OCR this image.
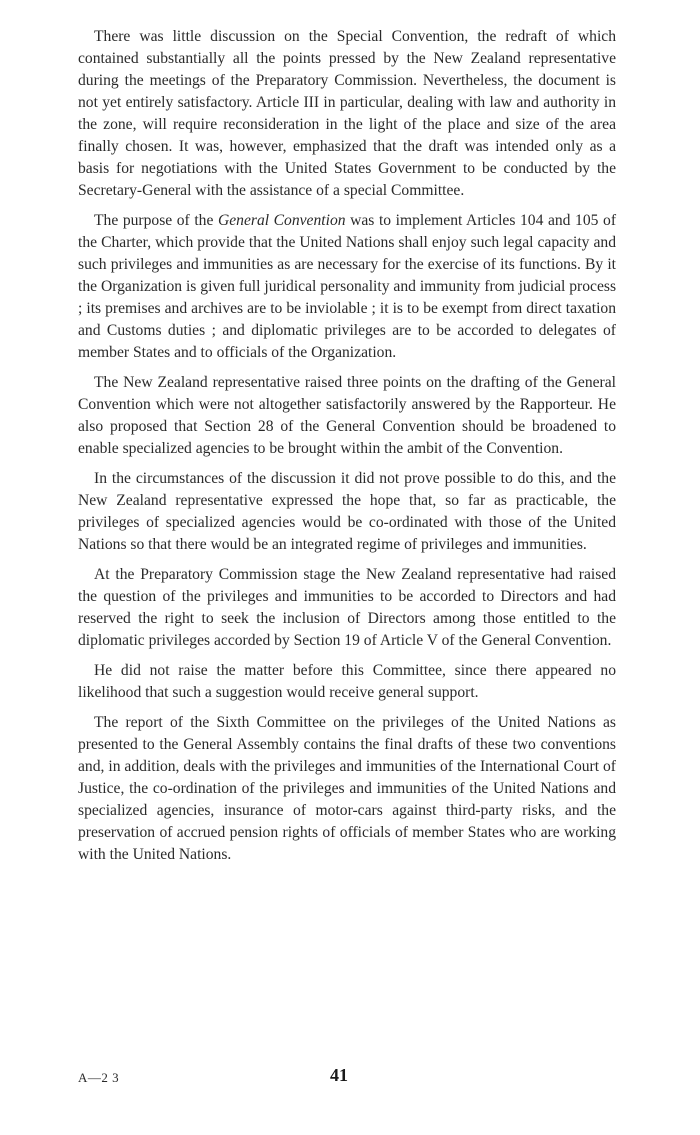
There was little discussion on the Special Convention, the redraft of which contained substantially all the points pressed by the New Zealand representative during the meetings of the Preparatory Commission. Nevertheless, the document is not yet entirely satisfactory. Article III in particular, dealing with law and authority in the zone, will require reconsideration in the light of the place and size of the area finally chosen. It was, however, emphasized that the draft was intended only as a basis for negotiations with the United States Government to be conducted by the Secretary-General with the assistance of a special Committee.

The purpose of the General Convention was to implement Articles 104 and 105 of the Charter, which provide that the United Nations shall enjoy such legal capacity and such privileges and immunities as are necessary for the exercise of its functions. By it the Organization is given full juridical personality and immunity from judicial process ; its premises and archives are to be inviolable ; it is to be exempt from direct taxation and Customs duties ; and diplomatic privileges are to be accorded to delegates of member States and to officials of the Organization.

The New Zealand representative raised three points on the drafting of the General Convention which were not altogether satisfactorily answered by the Rapporteur. He also proposed that Section 28 of the General Convention should be broadened to enable specialized agencies to be brought within the ambit of the Convention.

In the circumstances of the discussion it did not prove possible to do this, and the New Zealand representative expressed the hope that, so far as practicable, the privileges of specialized agencies would be co-ordinated with those of the United Nations so that there would be an integrated regime of privileges and immunities.

At the Preparatory Commission stage the New Zealand representative had raised the question of the privileges and immunities to be accorded to Directors and had reserved the right to seek the inclusion of Directors among those entitled to the diplomatic privileges accorded by Section 19 of Article V of the General Convention.

He did not raise the matter before this Committee, since there appeared no likelihood that such a suggestion would receive general support.

The report of the Sixth Committee on the privileges of the United Nations as presented to the General Assembly contains the final drafts of these two conventions and, in addition, deals with the privileges and immunities of the International Court of Justice, the co-ordination of the privileges and immunities of the United Nations and specialized agencies, insurance of motor-cars against third-party risks, and the preservation of accrued pension rights of officials of member States who are working with the United Nations.

A—2 3	41
